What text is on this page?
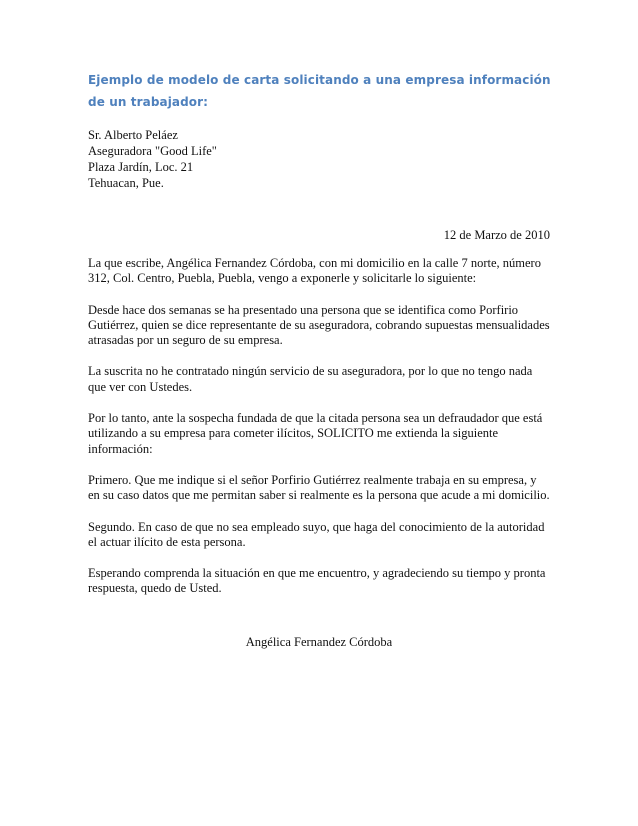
Ejemplo de modelo de carta solicitando a una empresa información de un trabajador:
Sr. Alberto Peláez
Aseguradora "Good Life"
Plaza Jardín, Loc. 21
Tehuacan, Pue.
12 de Marzo de 2010

La que escribe, Angélica Fernandez Córdoba, con mi domicilio en la calle 7 norte, número 312, Col. Centro, Puebla, Puebla, vengo a exponerle y solicitarle lo siguiente:

Desde hace dos semanas se ha presentado una persona que se identifica como Porfirio Gutiérrez, quien se dice representante de su aseguradora, cobrando supuestas mensualidades atrasadas por un seguro de su empresa.

La suscrita no he contratado ningún servicio de su aseguradora, por lo que no tengo nada que ver con Ustedes.

Por lo tanto, ante la sospecha fundada de que la citada persona sea un defraudador que está utilizando a su empresa para cometer ilícitos, SOLICITO me extienda la siguiente información:

Primero. Que me indique si el señor Porfirio Gutiérrez realmente trabaja en su empresa, y en su caso datos que me permitan saber si realmente es la persona que acude a mi domicilio.

Segundo. En caso de que no sea empleado suyo, que haga del conocimiento de la autoridad el actuar ilícito de esta persona.

Esperando comprenda la situación en que me encuentro, y agradeciendo su tiempo y pronta respuesta, quedo de Usted.

Angélica Fernandez Córdoba
